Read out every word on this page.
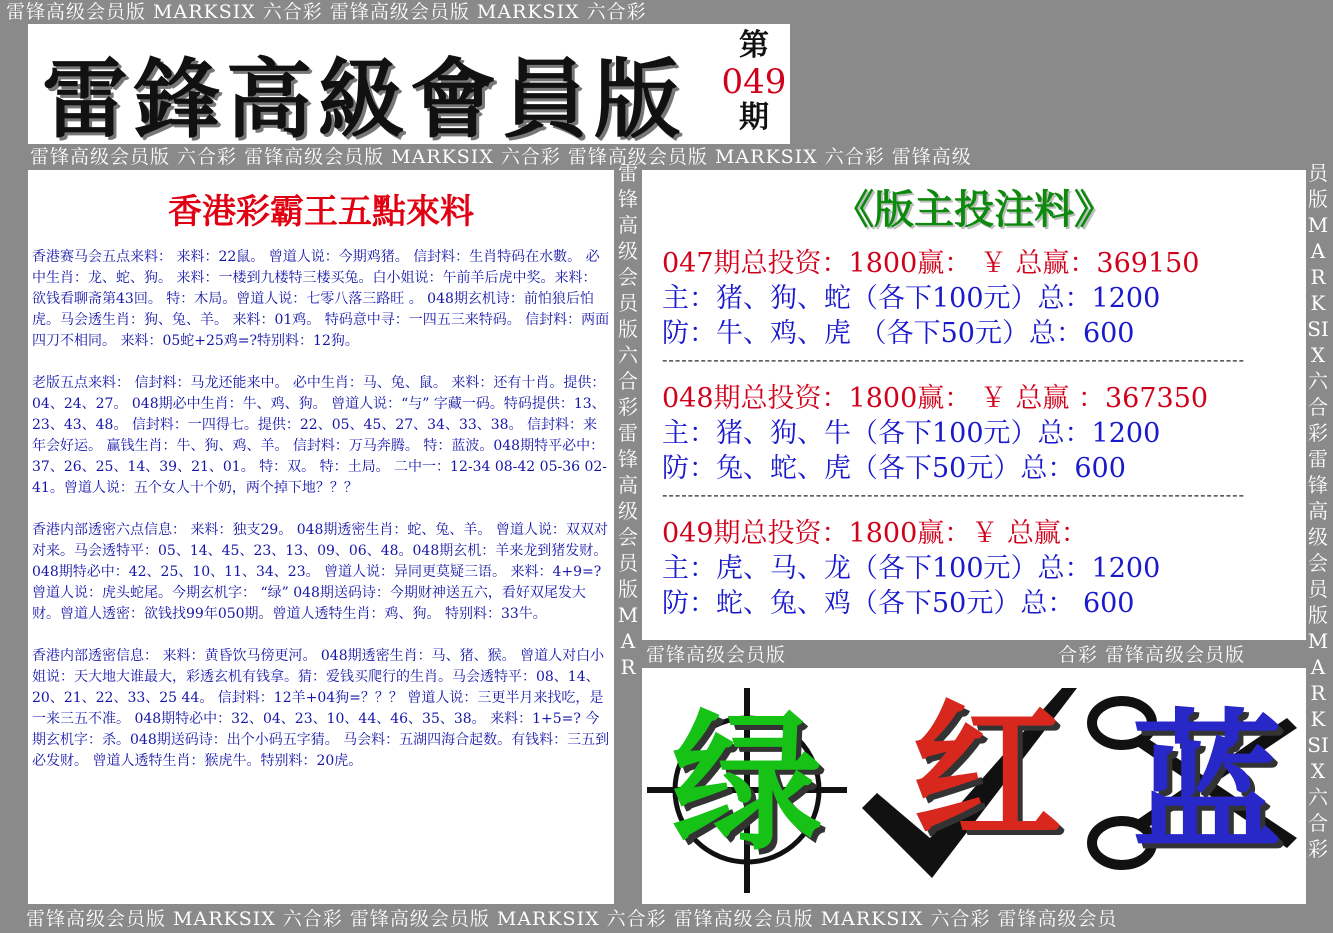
雷锋高级会员版 MARKSIX 六合彩 雷锋高级会员版 MARKSIX 六合彩
雷鋒高級會員版
第
049
期
雷锋高级会员版 六合彩 雷锋高级会员版 MARKSIX 六合彩 雷锋高级会员版 MARKSIX 六合彩 雷锋高级
香港彩霸王五點來料

香港赛马会五点来料： 来料：22鼠。 曾道人说：今期鸡猪。 信封料：生肖特码在水數。 必中生肖：龙、蛇、狗。 来料：一楼到九楼特三楼买兔。白小姐说：午前羊后虎中奖。来料：欲钱看聊斋第43回。 特：木局。曾道人说：七零八落三路旺 。 048期玄机诗：前怕狼后怕虎。马会透生肖：狗、兔、羊。 来料：01鸡。 特码意中寻：一四五三来特码。 信封料：两面四刀不相同。 来料：05蛇+25鸡=?特别料：12狗。

老版五点来料： 信封料：马龙还能来中。 必中生肖：马、兔、鼠。 来料：还有十肖。提供：04、24、27。 048期必中生肖：牛、鸡、狗。 曾道人说：“与” 字藏一码。特码提供：13、23、43、48。 信封料：一四得七。提供：22、05、45、27、34、33、38。 信封料：来年会好运。 赢钱生肖：牛、狗、鸡、羊。 信封料：万马奔腾。 特：蓝波。048期特平必中：37、26、25、14、39、21、01。 特：双。 特：土局。 二中一：12-34 08-42 05-36 02-41。曾道人说：五个女人十个奶，两个掉下地？？？

香港内部透密六点信息： 来料：独支29。 048期透密生肖：蛇、兔、羊。 曾道人说：双双对对来。马会透特平：05、14、45、23、13、09、06、48。048期玄机：羊来龙到猪发财。 048期特必中：42、25、10、11、34、23。 曾道人说：异同更莫疑三语。 来料：4+9=? 曾道人说：虎头蛇尾。今期玄机字： “绿” 048期送码诗：今期财神送五六，看好双尾发大财。曾道人透密：欲钱找99年050期。曾道人透特生肖：鸡、狗。 特别料：33牛。

香港内部透密信息： 来料：黄昏饮马傍更河。 048期透密生肖：马、猪、猴。 曾道人对白小姐说：天大地大谁最大，彩透玄机有钱拿。猜：爱钱买爬行的生肖。马会透特平：08、14、20、21、22、33、25 44。 信封料：12羊+04狗=？？？ 曾道人说：三更半月来找吃，是一来三五不准。 048期特必中：32、04、23、10、44、46、35、38。 来料：1+5=? 今期玄机字：杀。048期送码诗：出个小码五字猜。 马会料：五湖四海合起数。有钱料：三五到必发财。 曾道人透特生肖：猴虎牛。特别料：20虎。

雷锋高级会员版六合彩雷锋高级会员版MAR
员版MARKSIX六合彩雷锋高级会员版MARKSIX六合彩
《版主投注料》
047期总投资：1800赢： ￥ 总赢：369150
主：猪、狗、蛇（各下100元）总：1200
防：牛、鸡、虎 （各下50元）总：600
-------------------------------------------------------------------------------------------
048期总投资：1800赢： ￥ 总赢 ：367350
主：猪、狗、牛（各下100元）总：1200
防：兔、蛇、虎（各下50元）总：600
-------------------------------------------------------------------------------------------
049期总投资：1800赢：￥ 总赢：
主：虎、马、龙（各下100元）总：1200
防：蛇、兔、鸡（各下50元）总： 600
雷锋高级会员版	合彩 雷锋高级会员版
绿 红 蓝
雷锋高级会员版 MARKSIX 六合彩 雷锋高级会员版 MARKSIX 六合彩 雷锋高级会员版 MARKSIX 六合彩 雷锋高级会员
